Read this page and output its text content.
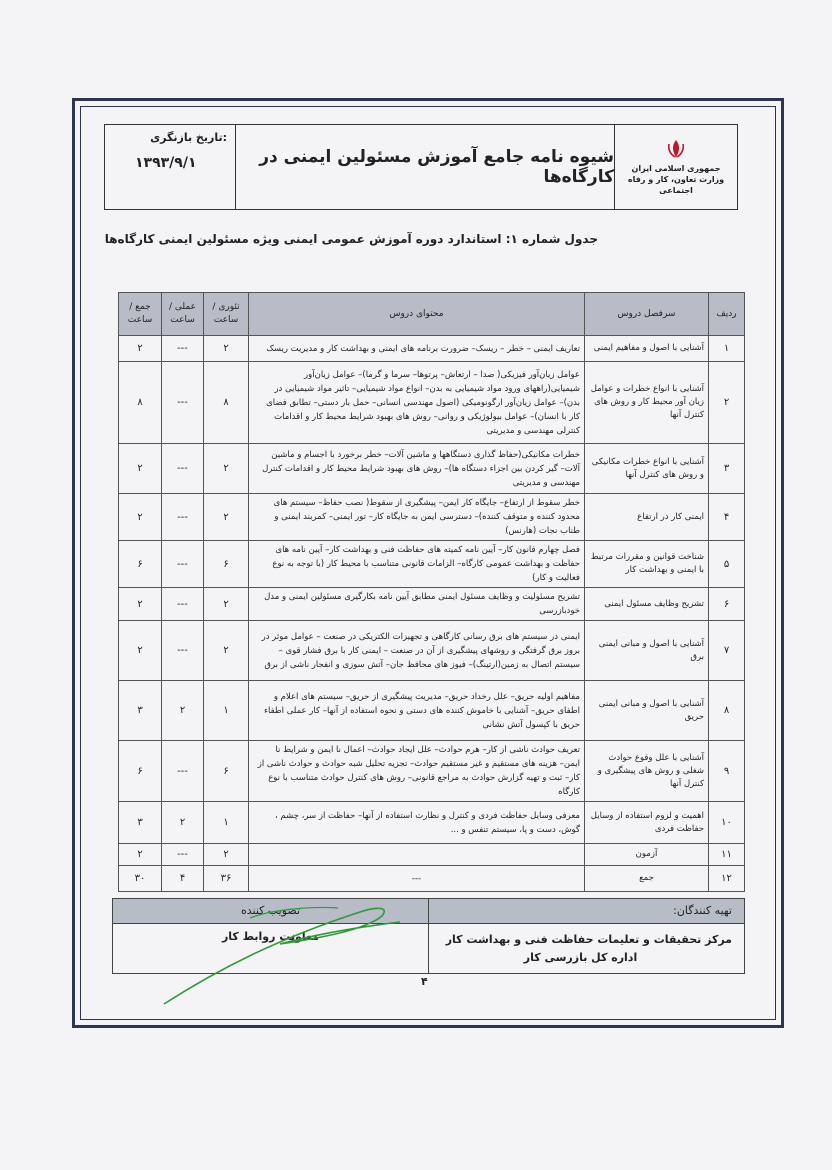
تاریخ بازنگری:
۱۳۹۳/۹/۱	شیوه نامه جامع آموزش مسئولین ایمنی در کارگاه‌ها	جمهوری اسلامی ایران
وزارت تعاون، کار و رفاه اجتماعی
جدول شماره ۱: استاندارد دوره آموزش عمومی ایمنی ویژه مسئولین ایمنی کارگاه‌ها
ردیف	سرفصل دروس	محتوای دروس	تئوری /ساعت	عملی /ساعت	جمع /ساعت
۱	آشنایی با اصول و مفاهیم ایمنی	تعاریف ایمنی – خطر – ریسک– ضرورت برنامه های ایمنی و بهداشت کار و مدیریت ریسک	۲	---	۲
۲	آشنایی با انواع خطرات و عوامل زیان آور محیط کار و روش های کنترل آنها	عوامل زیان‌آور فیزیکی( صدا – ارتعاش– پرتوها– سرما و گرما)– عوامل زیان‌آور شیمیایی(راههای ورود مواد شیمیایی به بدن– انواع مواد شیمیایی– تاثیر مواد شیمیایی در بدن)– عوامل زیان‌آور ارگونومیکی (اصول مهندسی انسانی– حمل بار دستی– تطابق فضای کار با انسان)– عوامل بیولوژیکی و روانی– روش های بهبود شرایط محیط کار و اقدامات کنترلی مهندسی و مدیریتی	۸	---	۸
۳	آشنایی با انواع خطرات مکانیکی و روش های کنترل آنها	خطرات مکانیکی(حفاظ گذاری دستگاهها و ماشین آلات– خطر برخورد با اجسام و ماشین آلات– گیر کردن بین اجزاء دستگاه ها)– روش های بهبود شرایط محیط کار و اقدامات کنترل مهندسی و مدیریتی	۲	---	۲
۴	ایمنی کار در ارتفاع	خطر سقوط از ارتفاع– جایگاه کار ایمن– پیشگیری از سقوط( نصب حفاظ– سیستم های محدود کننده و متوقف کننده)– دسترسی ایمن به جایگاه کار– تور ایمنی– کمربند ایمنی و طناب نجات (هارنس)	۲	---	۲
۵	شناخت قوانین و مقررات مرتبط با ایمنی و بهداشت کار	فصل چهارم قانون کار– آیین نامه کمیته های حفاظت فنی و بهداشت کار– آیین نامه های حفاظت و بهداشت عمومی کارگاه– الزامات قانونی متناسب با محیط کار (با توجه به نوع فعالیت و کار)	۶	---	۶
۶	تشریح وظایف مسئول ایمنی	تشریح مسئولیت و وظایف مسئول ایمنی مطابق آیین نامه بکارگیری مسئولین ایمنی و مدل خودبازرسی	۲	---	۲
۷	آشنایی با اصول و مبانی ایمنی برق	ایمنی در سیستم های برق رسانی کارگاهی و تجهیزات الکتریکی در صنعت – عوامل موثر در بروز برق گرفتگی و روشهای پیشگیری از آن در صنعت – ایمنی کار با برق فشار قوی – سیستم اتصال به زمین(ارتینگ)– فیوز های محافظ جان– آتش سوزی و انفجار ناشی از برق	۲	---	۲
۸	آشنایی با اصول و مبانی ایمنی حریق	مفاهیم اولیه حریق– علل رخداد حریق– مدیریت پیشگیری از حریق– سیستم های اعلام و اطفای حریق– آشنایی با خاموش کننده های دستی و نحوه استفاده از آنها– کار عملی اطفاء حریق با کپسول آتش نشانی	۱	۲	۳
۹	آشنایی با علل وقوع حوادث شغلی و روش های پیشگیری و کنترل آنها	تعریف حوادث ناشی از کار– هرم حوادث– علل ایجاد حوادث– اعمال نا ایمن و شرایط نا ایمن– هزینه های مستقیم و غیر مستقیم حوادث– تجزیه تحلیل شبه حوادث و حوادث ناشی از کار– ثبت و تهیه گزارش حوادث به مراجع قانونی– روش های کنترل حوادث متناسب با نوع کارگاه	۶	---	۶
۱۰	اهمیت و لزوم استفاده از وسایل حفاظت فردی	معرفی وسایل حفاظت فردی و کنترل و نظارت استفاده از آنها– حفاظت از سر، چشم ، گوش، دست و پا، سیستم تنفس و ...	۱	۲	۳
۱۱	آزمون		۲	---	۲
۱۲	جمع	---	۳۶	۴	۳۰
تهیه کنندگان:
مرکز تحقیقات و تعلیمات حفاظت فنی و بهداشت کار
اداره کل بازرسی کار
تصویب کننده
معاونت روابط کار
۴
